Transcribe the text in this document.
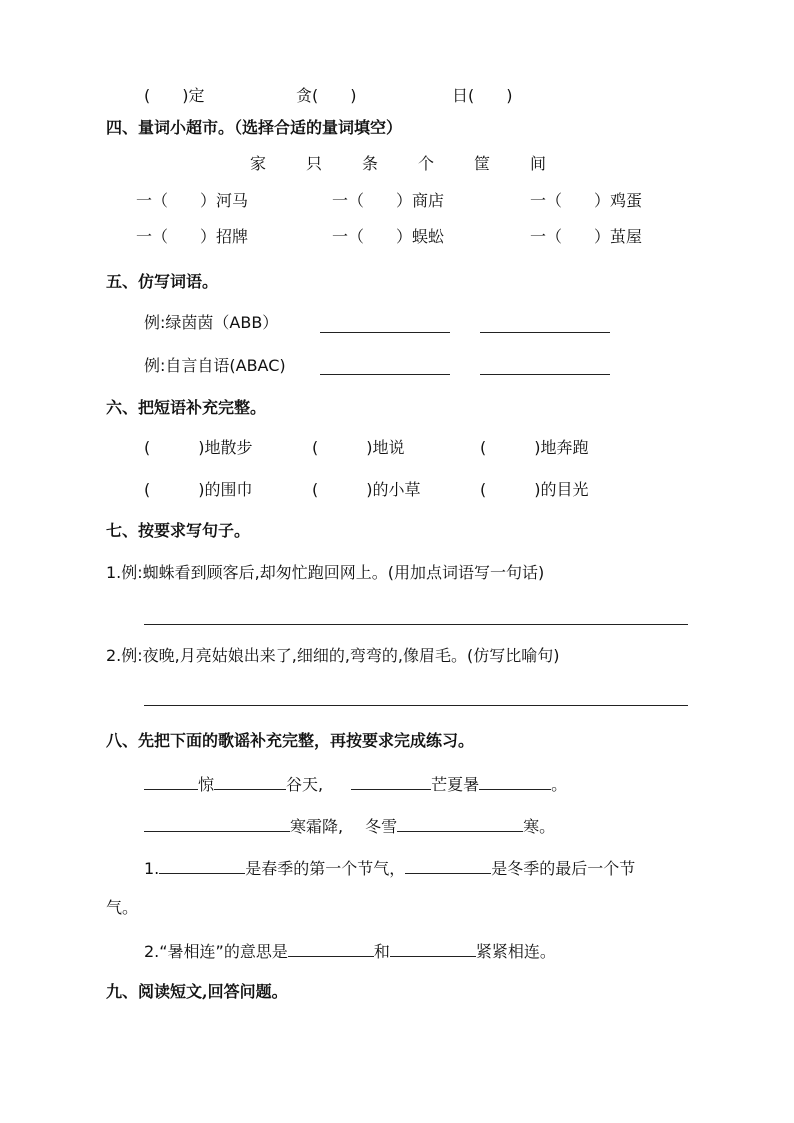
(　　)定	贪(　　)	日(　　)
四、量词小超市。（选择合适的量词填空）
家 只 条 个 筐 间
一（　　）河马	一（　　）商店	一（　　）鸡蛋
一（　　）招牌	一（　　）蜈蚣	一（　　）茧屋
五、仿写词语。
例:绿茵茵（ABB）
例:自言自语(ABAC)
六、把短语补充完整。
(　　　)地散步	(　　　)地说	(　　　)地奔跑
(　　　)的围巾	(　　　)的小草	(　　　)的目光
七、按要求写句子。
1.例:蜘蛛看到顾客后,却匆忙跑回网上。(用加点词语写一句话)
2.例:夜晚,月亮姑娘出来了,细细的,弯弯的,像眉毛。(仿写比喻句)
八、先把下面的歌谣补充完整，再按要求完成练习。
惊	谷天,	芒夏暑	。
寒霜降, 冬雪	寒。
1.	是春季的第一个节气，	是冬季的最后一个节
气。
2.“暑相连”的意思是	和	紧紧相连。
九、阅读短文,回答问题。
